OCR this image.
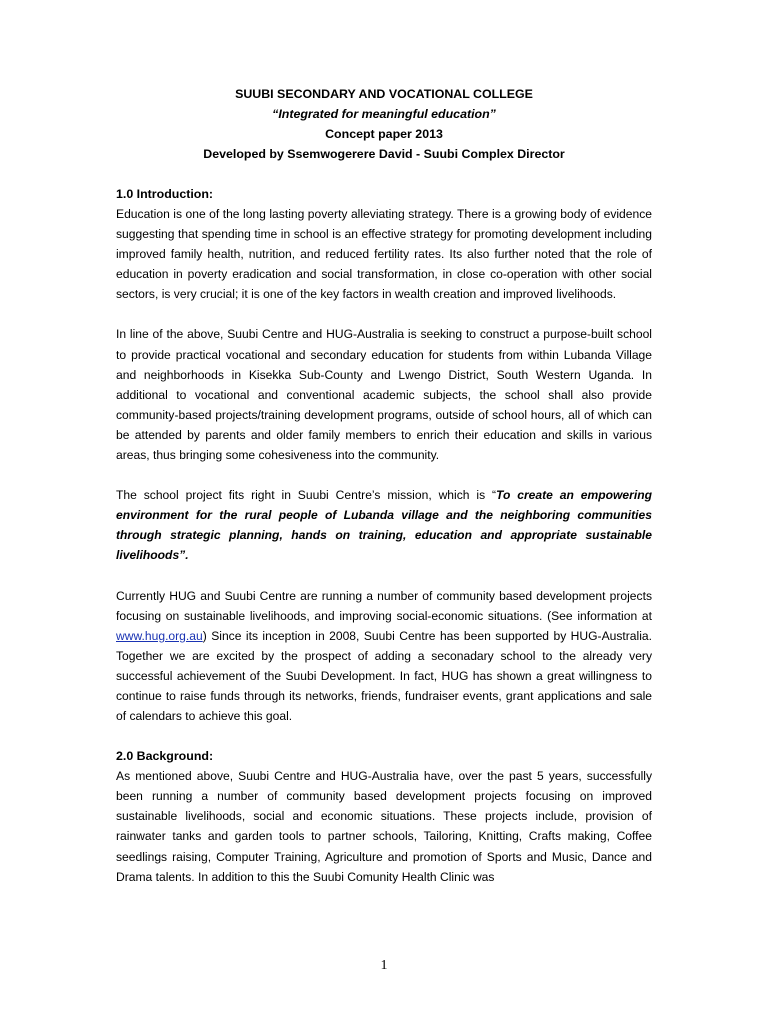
SUUBI SECONDARY AND VOCATIONAL COLLEGE
“Integrated for meaningful education”
Concept paper 2013
Developed by Ssemwogerere David - Suubi Complex Director

1.0 Introduction:

Education is one of the long lasting poverty alleviating strategy. There is a growing body of evidence suggesting that spending time in school is an effective strategy for promoting development including improved family health, nutrition, and reduced fertility rates. Its also further noted that the role of education in poverty eradication and social transformation, in close co-operation with other social sectors, is very crucial; it is one of the key factors in wealth creation and improved livelihoods.

In line of the above, Suubi Centre and HUG-Australia is seeking to construct a purpose-built school to provide practical vocational and secondary education for students from within Lubanda Village and neighborhoods in Kisekka Sub-County and Lwengo District, South Western Uganda. In additional to vocational and conventional academic subjects, the school shall also provide community-based projects/training development programs, outside of school hours, all of which can be attended by parents and older family members to enrich their education and skills in various areas, thus bringing some cohesiveness into the community.

The school project fits right in Suubi Centre’s mission, which is “To create an empowering environment for the rural people of Lubanda village and the neighboring communities through strategic planning, hands on training, education and appropriate sustainable livelihoods”.

Currently HUG and Suubi Centre are running a number of community based development projects focusing on sustainable livelihoods, and improving social-economic situations. (See information at www.hug.org.au) Since its inception in 2008, Suubi Centre has been supported by HUG-Australia. Together we are excited by the prospect of adding a seconadary school to the already very successful achievement of the Suubi Development. In fact, HUG has shown a great willingness to continue to raise funds through its networks, friends, fundraiser events, grant applications and sale of calendars to achieve this goal.

2.0 Background:

As mentioned above, Suubi Centre and HUG-Australia have, over the past 5 years, successfully been running a number of community based development projects focusing on improved sustainable livelihoods, social and economic situations. These projects include, provision of rainwater tanks and garden tools to partner schools, Tailoring, Knitting, Crafts making, Coffee seedlings raising, Computer Training, Agriculture and promotion of Sports and Music, Dance and Drama talents. In addition to this the Suubi Comunity Health Clinic was

1
